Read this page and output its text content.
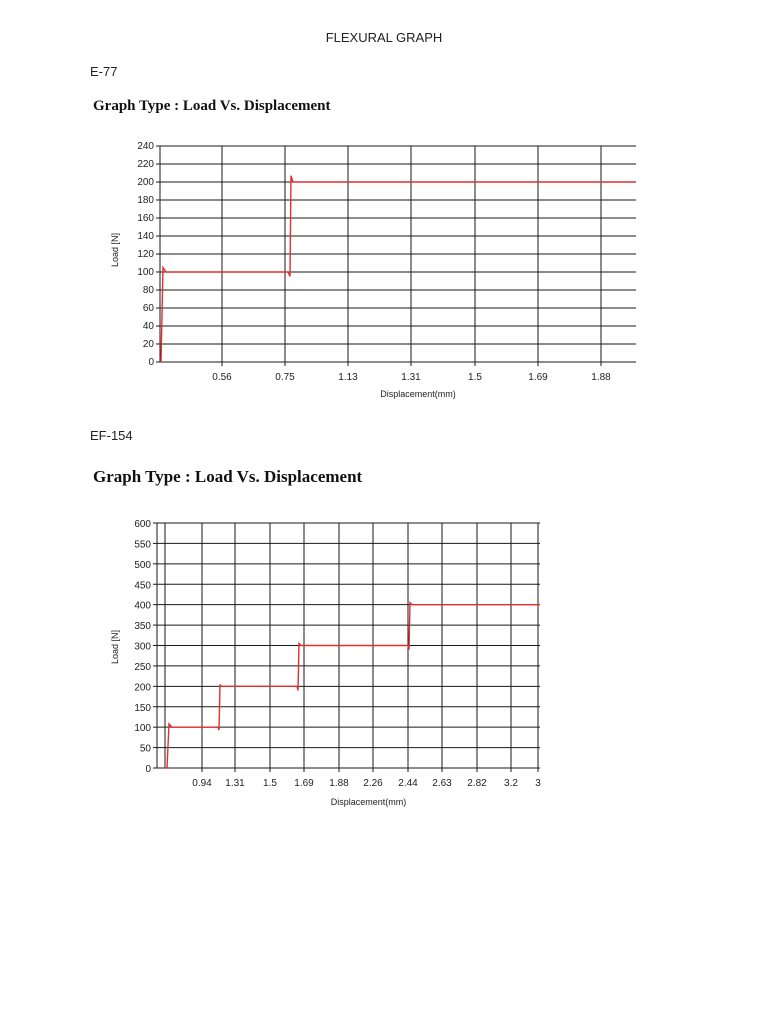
FLEXURAL GRAPH
E-77
Graph Type : Load Vs. Displacement
EF-154
Graph Type : Load Vs. Displacement
0
20
40
60
80
100
120
140
160
180
200
220
240
0.56	0.75	1.13	1.31	1.5	1.69	1.88
Displacement(mm)
Load [N]
0
50
100
150
200
250
300
350
400
450
500
550
600
0.94 1.31 1.5 1.69 1.88 2.26 2.44 2.63 2.82 3.2 3
Displacement(mm)
Load [N]
